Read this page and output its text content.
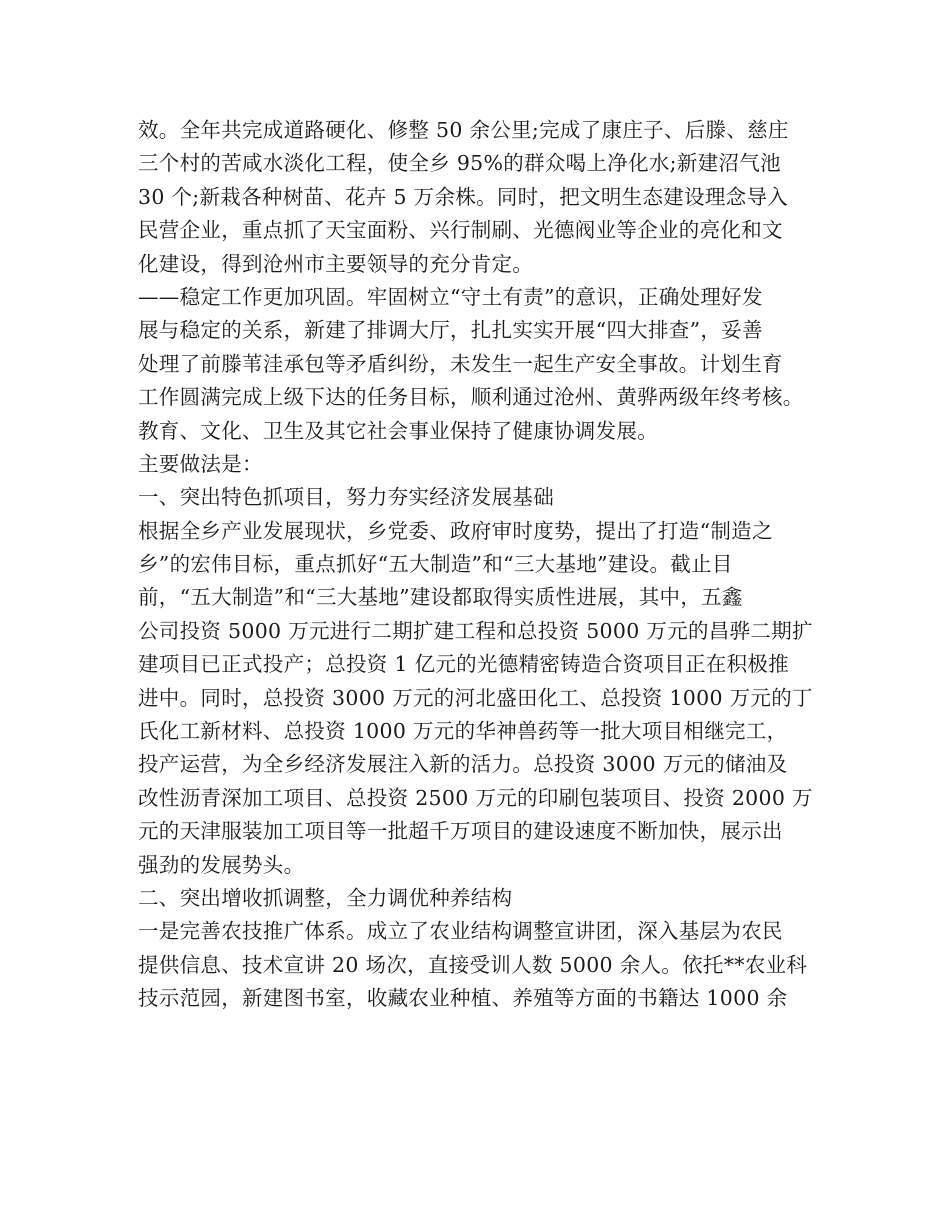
效。全年共完成道路硬化、修整 50 余公里;完成了康庄子、后滕、慈庄
三个村的苦咸水淡化工程，使全乡 95%的群众喝上净化水;新建沼气池
30 个;新栽各种树苗、花卉 5 万余株。同时，把文明生态建设理念导入
民营企业，重点抓了天宝面粉、兴行制刷、光德阀业等企业的亮化和文
化建设，得到沧州市主要领导的充分肯定。
——稳定工作更加巩固。牢固树立“守土有责”的意识，正确处理好发
展与稳定的关系，新建了排调大厅，扎扎实实开展“四大排查”，妥善
处理了前滕苇洼承包等矛盾纠纷，未发生一起生产安全事故。计划生育
工作圆满完成上级下达的任务目标，顺利通过沧州、黄骅两级年终考核。
教育、文化、卫生及其它社会事业保持了健康协调发展。
主要做法是：
一、突出特色抓项目，努力夯实经济发展基础
根据全乡产业发展现状，乡党委、政府审时度势，提出了打造“制造之
乡”的宏伟目标，重点抓好“五大制造”和“三大基地”建设。截止目
前，“五大制造”和“三大基地”建设都取得实质性进展，其中，五鑫
公司投资 5000 万元进行二期扩建工程和总投资 5000 万元的昌骅二期扩
建项目已正式投产；总投资 1 亿元的光德精密铸造合资项目正在积极推
进中。同时，总投资 3000 万元的河北盛田化工、总投资 1000 万元的丁
氏化工新材料、总投资 1000 万元的华神兽药等一批大项目相继完工，
投产运营，为全乡经济发展注入新的活力。总投资 3000 万元的储油及
改性沥青深加工项目、总投资 2500 万元的印刷包装项目、投资 2000 万
元的天津服装加工项目等一批超千万项目的建设速度不断加快，展示出
强劲的发展势头。
二、突出增收抓调整，全力调优种养结构
一是完善农技推广体系。成立了农业结构调整宣讲团，深入基层为农民
提供信息、技术宣讲 20 场次，直接受训人数 5000 余人。依托**农业科
技示范园，新建图书室，收藏农业种植、养殖等方面的书籍达 1000 余
